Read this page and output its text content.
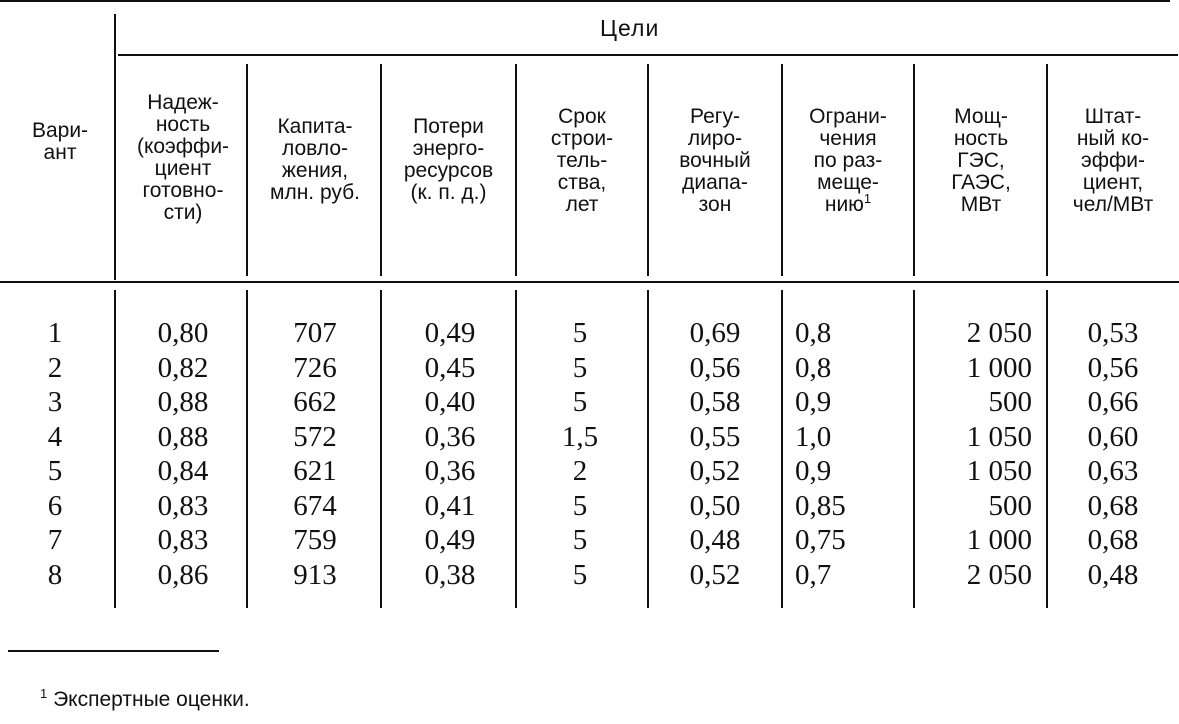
Вари-
ант
Цели
Надеж-
ность
(коэффи-
циент
готовно-
сти)
Капита-
ловло-
жения,
млн. руб.
Потери
энерго-
ресурсов
(к. п. д.)
Срок
строи-
тель-
ства,
лет
Регу-
лиро-
вочный
диапа-
зон
Ограни-
чения
по раз-
меще-
нию$^1$
Мощ-
ность
ГЭС,
ГАЭС,
МВт
Штат-
ный ко-
эффи-
циент,
чел/МВт
1
2
3
4
5
6
7
8
0,80
0,82
0,88
0,88
0,84
0,83
0,83
0,86
707
726
662
572
621
674
759
913
0,49
0,45
0,40
0,36
0,36
0,41
0,49
0,38
5
5
5
1,5
2
5
5
5
0,69
0,56
0,58
0,55
0,52
0,50
0,48
0,52
0,8
0,8
0,9
1,0
0,9
0,85
0,75
0,7
2 050
1 000
500
1 050
1 050
500
1 000
2 050
0,53
0,56
0,66
0,60
0,63
0,68
0,68
0,48
$^1$ Экспертные оценки.
